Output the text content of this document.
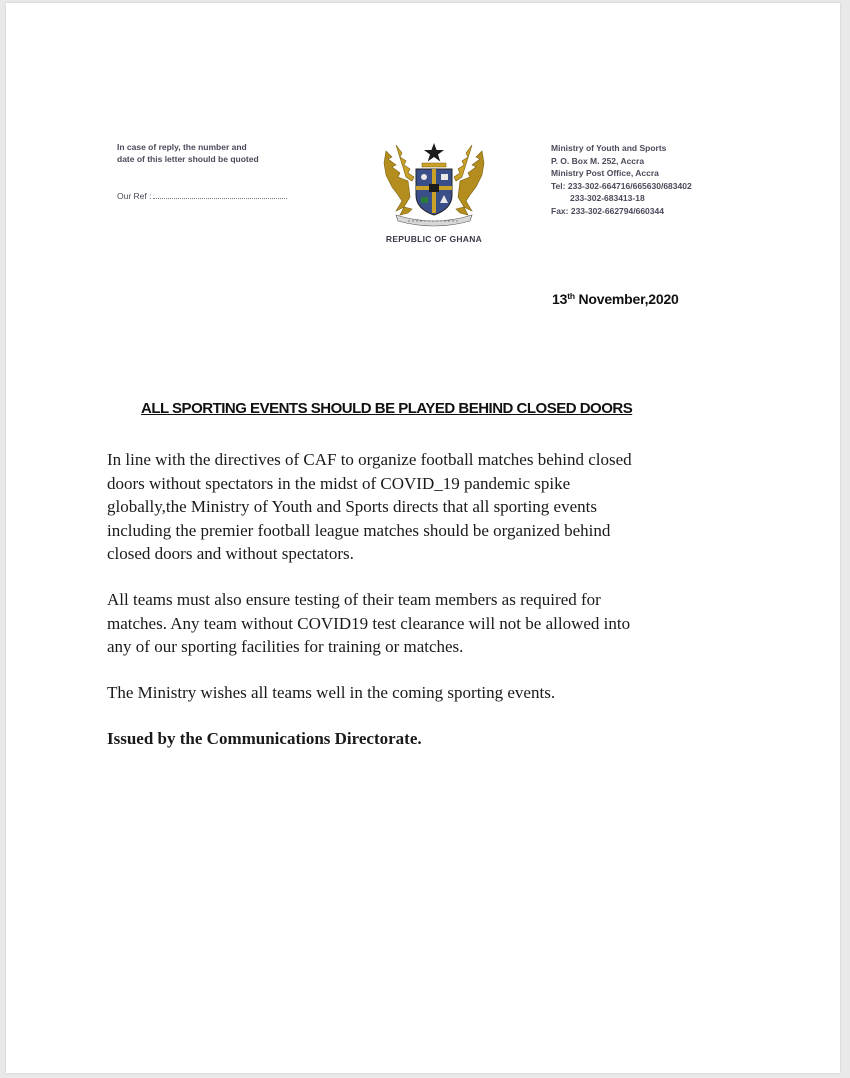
In case of reply, the number and
date of this letter should be quoted
Our Ref :
REPUBLIC OF GHANA
Ministry of Youth and Sports
P. O. Box M. 252, Accra
Ministry Post Office, Accra
Tel: 233-302-664716/665630/683402
233-302-683413-18
Fax: 233-302-662794/660344
13th November,2020
ALL SPORTING EVENTS SHOULD BE PLAYED BEHIND CLOSED DOORS

In line with the directives of CAF to organize football matches behind closed
doors without spectators in the midst of COVID_19 pandemic spike
globally,the Ministry of Youth and Sports directs that all sporting events
including the premier football league matches should be organized behind
closed doors and without spectators.

All teams must also ensure testing of their team members as required for
matches. Any team without COVID19 test clearance will not be allowed into
any of our sporting facilities for training or matches.

The Ministry wishes all teams well in the coming sporting events.

Issued by the Communications Directorate.
